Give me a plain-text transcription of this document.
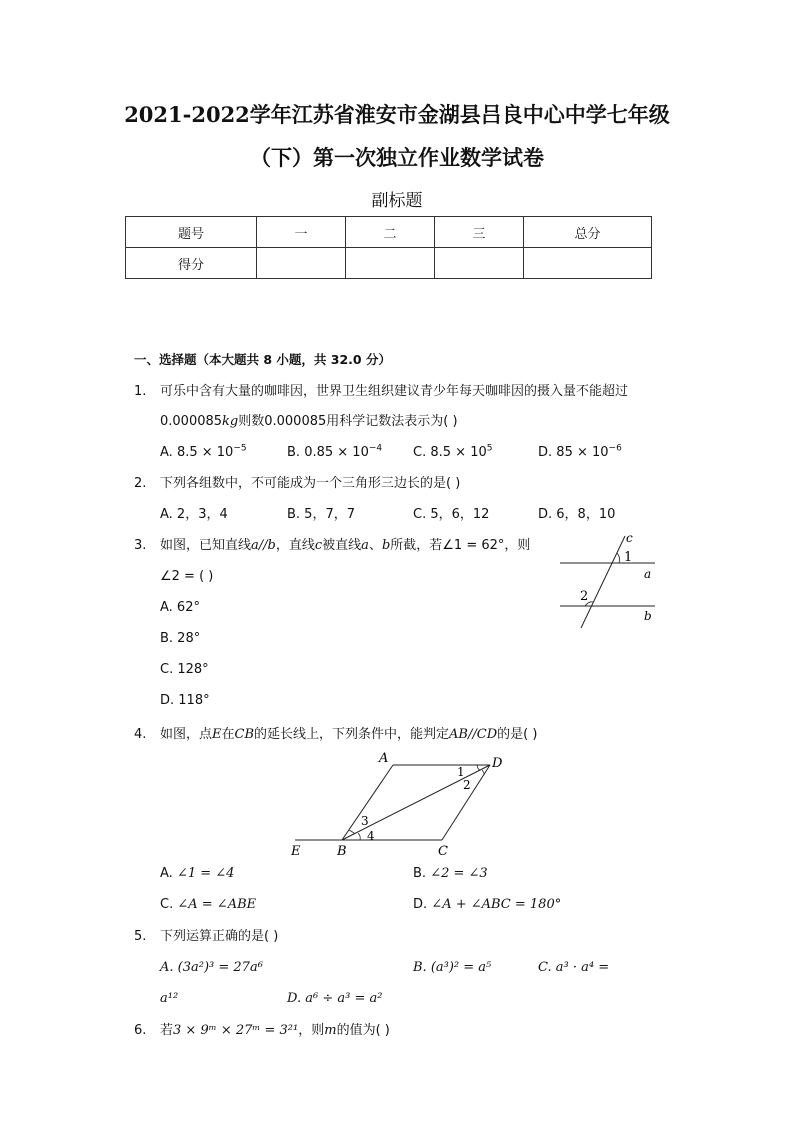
2021-2022学年江苏省淮安市金湖县吕良中心中学七年级
（下）第一次独立作业数学试卷
副标题
题号	一	二	三	总分
得分				
一、选择题（本大题共 8 小题，共 32.0 分）
1. 可乐中含有大量的咖啡因，世界卫生组织建议青少年每天咖啡因的摄入量不能超过
0.000085kg则数0.000085用科学记数法表示为( )
A. $8.5 \times 10^{-5}$	B. $0.85 \times 10^{-4}$ C. $8.5 \times 10^5$	D. $85 \times 10^{-6}$
2. 下列各组数中，不可能成为一个三角形三边长的是( )
A. 2，3，4	B. 5，7，7	C. 5，6，12	D. 6，8，10
3. 如图，已知直线a//b，直线c被直线a、b所截，若∠1 = 62°，则
∠2 = ( )
A. 62°
B. 28°
C. 128°
D. 118°
c
1
a
2
b
4. 如图，点E在CB的延长线上，下列条件中，能判定AB//CD的是( )
A	D
1
2
3
4
E	B	C
A. ∠1 = ∠4	B. ∠2 = ∠3
C. ∠A = ∠ABE	D. ∠A + ∠ABC = 180°
5. 下列运算正确的是( )
A. (3a²)³ = 27a⁶	B. (a³)² = a⁵	C. a³ · a⁴ =
a¹²	D. a⁶ ÷ a³ = a²
6. 若3 × 9ᵐ × 27ᵐ = 3²¹，则m的值为( )
